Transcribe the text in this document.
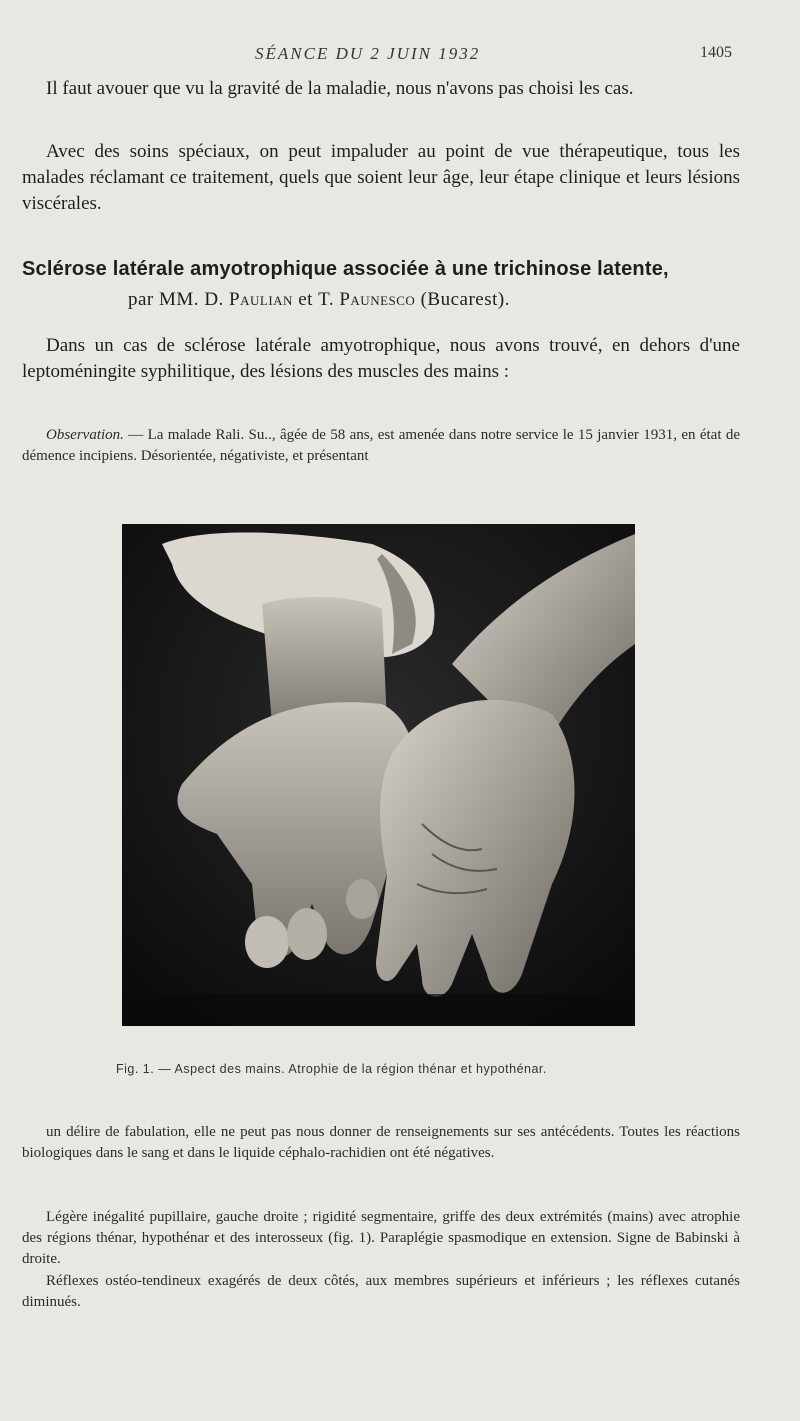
SÉANCE DU 2 JUIN 1932	1405

Il faut avouer que vu la gravité de la maladie, nous n'avons pas choisi les cas.

Avec des soins spéciaux, on peut impaluder au point de vue thérapeutique, tous les malades réclamant ce traitement, quels que soient leur âge, leur étape clinique et leurs lésions viscérales.

Sclérose latérale amyotrophique associée à une trichinose latente,
par MM. D. Paulian et T. Paunesco (Bucarest).

Dans un cas de sclérose latérale amyotrophique, nous avons trouvé, en dehors d'une leptoméningite syphilitique, des lésions des muscles des mains :

Observation. — La malade Rali. Su.., âgée de 58 ans, est amenée dans notre service le 15 janvier 1931, en état de démence incipiens. Désorientée, négativiste, et présentant

Fig. 1. — Aspect des mains. Atrophie de la région thénar et hypothénar.

un délire de fabulation, elle ne peut pas nous donner de renseignements sur ses antécédents. Toutes les réactions biologiques dans le sang et dans le liquide céphalo-rachidien ont été négatives.

Légère inégalité pupillaire, gauche droite ; rigidité segmentaire, griffe des deux extrémités (mains) avec atrophie des régions thénar, hypothénar et des interosseux (fig. 1). Paraplégie spasmodique en extension. Signe de Babinski à droite.

Réflexes ostéo-tendineux exagérés de deux côtés, aux membres supérieurs et inférieurs ; les réflexes cutanés diminués.
